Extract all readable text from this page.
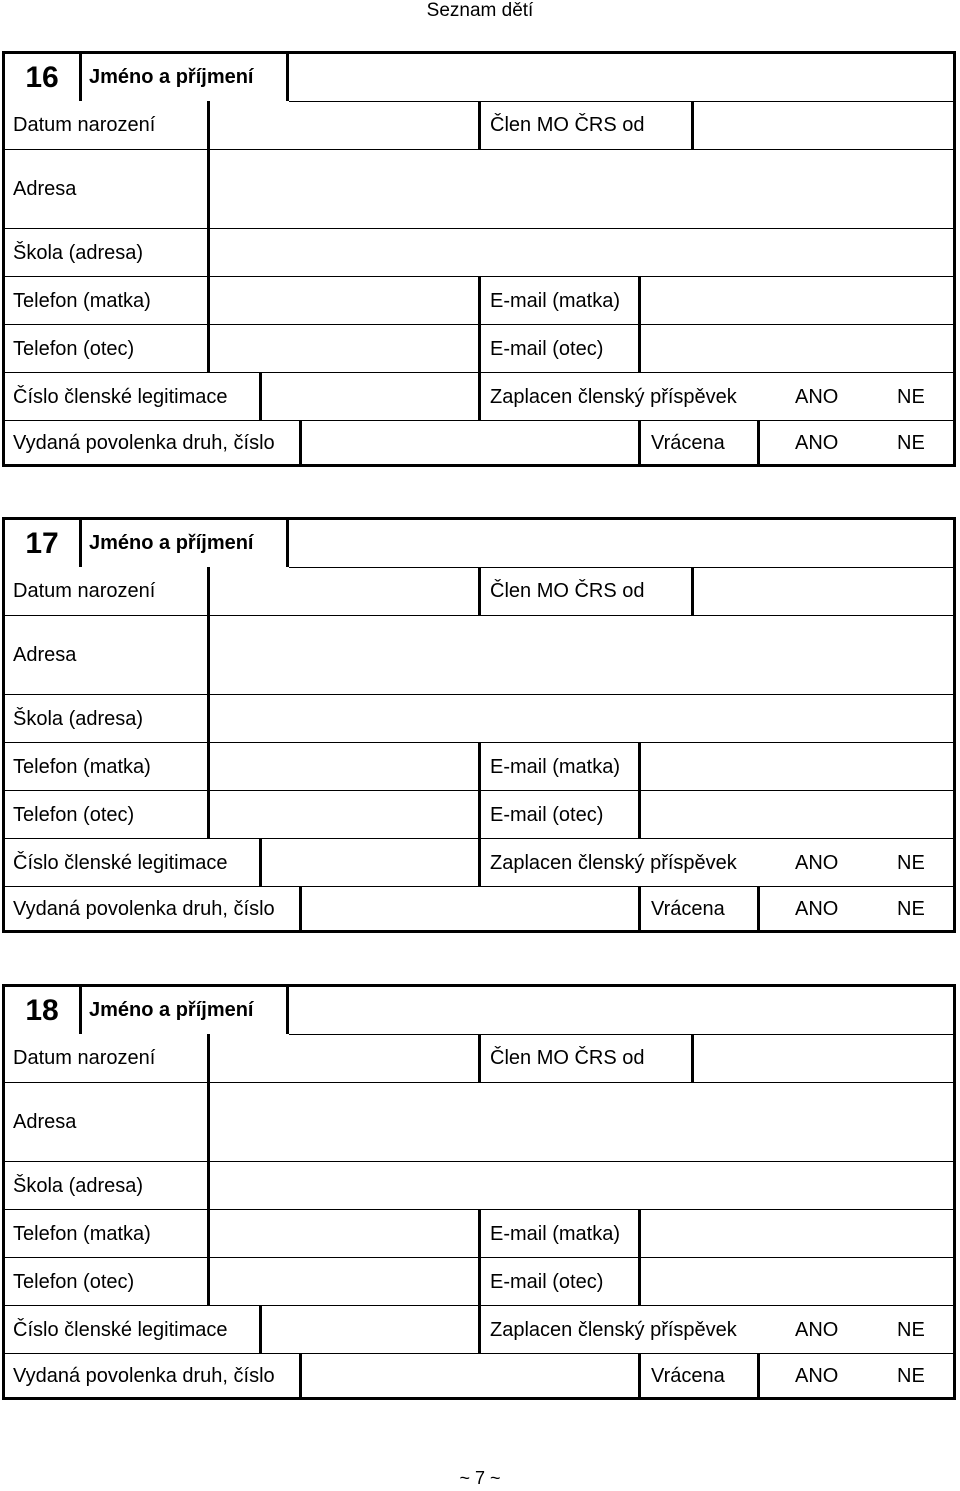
Seznam dětí
16	Jméno a příjmení
Datum narození	Člen MO ČRS od
Adresa
Škola (adresa)
Telefon (matka)	E-mail (matka)
Telefon (otec)	E-mail (otec)
Číslo členské legitimace	Zaplacen členský příspěvek	ANO	NE
Vydaná povolenka druh, číslo	Vrácena	ANO	NE
17	Jméno a příjmení
Datum narození	Člen MO ČRS od
Adresa
Škola (adresa)
Telefon (matka)	E-mail (matka)
Telefon (otec)	E-mail (otec)
Číslo členské legitimace	Zaplacen členský příspěvek	ANO	NE
Vydaná povolenka druh, číslo	Vrácena	ANO	NE
18	Jméno a příjmení
Datum narození	Člen MO ČRS od
Adresa
Škola (adresa)
Telefon (matka)	E-mail (matka)
Telefon (otec)	E-mail (otec)
Číslo členské legitimace	Zaplacen členský příspěvek	ANO	NE
Vydaná povolenka druh, číslo	Vrácena	ANO	NE
~ 7 ~
